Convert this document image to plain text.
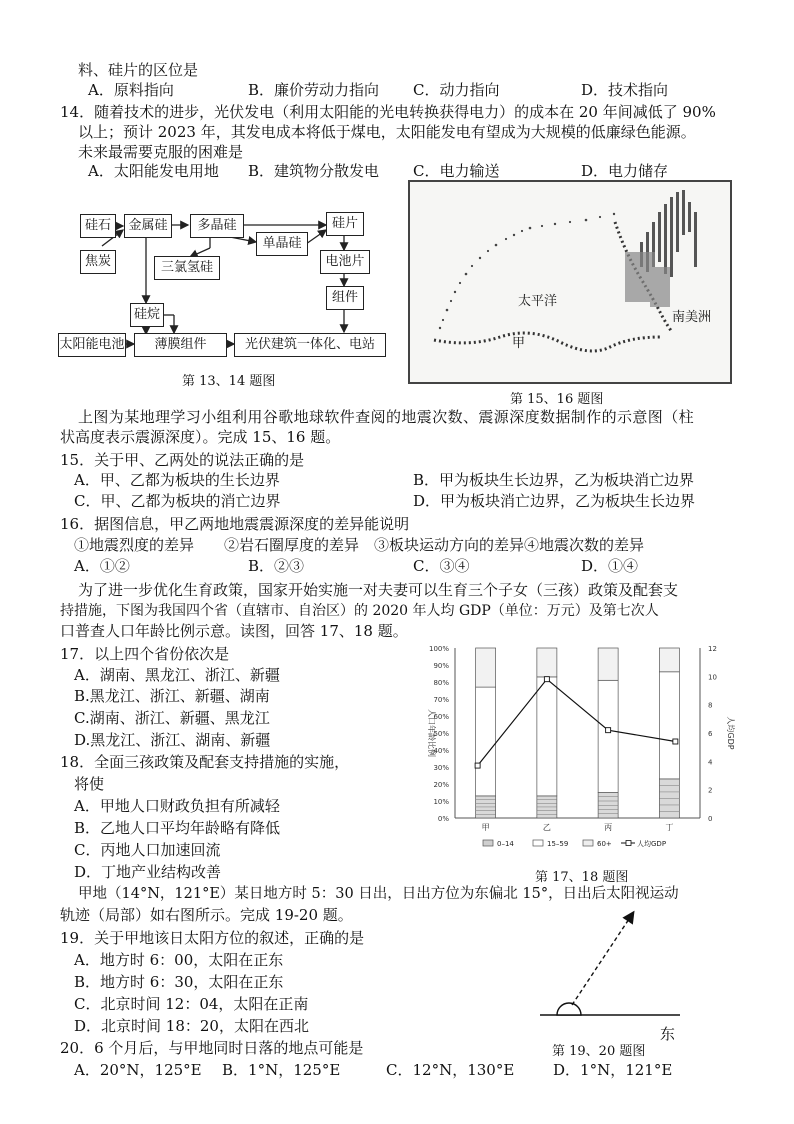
料、硅片的区位是
A．原料指向	B．廉价劳动力指向 C．动力指向	D．技术指向
14．随着技术的进步，光伏发电（利用太阳能的光电转换获得电力）的成本在 20 年间减低了 90%
以上；预计 2023 年，其发电成本将低于煤电，太阳能发电有望成为大规模的低廉绿色能源。
未来最需要克服的困难是
A．太阳能发电用地 B．建筑物分散发电 C．电力输送	D．电力储存
硅石
焦炭
金属硅	多晶硅
三氯氢硅
单晶硅
硅片
电池片
组件
硅烷
太阳能电池	薄膜组件	光伏建筑一体化、电站
第 13、14 题图
太平洋
南美洲
甲
第 15、16 题图
上图为某地理学习小组利用谷歌地球软件查阅的地震次数、震源深度数据制作的示意图（柱
状高度表示震源深度）。完成 15、16 题。
15．关于甲、乙两处的说法正确的是
A．甲、乙都为板块的生长边界	B．甲为板块生长边界，乙为板块消亡边界
C．甲、乙都为板块的消亡边界	D．甲为板块消亡边界，乙为板块生长边界
16．据图信息，甲乙两地地震震源深度的差异能说明
①地震烈度的差异　　②岩石圈厚度的差异　③板块运动方向的差异④地震次数的差异
A．①②	B．②③	C．③④	D．①④
为了进一步优化生育政策，国家开始实施一对夫妻可以生育三个子女（三孩）政策及配套支
持措施，下图为我国四个省（直辖市、自治区）的 2020 年人均 GDP（单位：万元）及第七次人
口普查人口年龄比例示意。读图，回答 17、18 题。
17．以上四个省份依次是
A．湖南、黑龙江、浙江、新疆
B.黑龙江、浙江、新疆、湖南
C.湖南、浙江、新疆、黑龙江
D.黑龙江、浙江、湖南、新疆
18．全面三孩政策及配套支持措施的实施，
将使
A．甲地人口财政负担有所减轻
B．乙地人口平均年龄略有降低
C．丙地人口加速回流
D．丁地产业结构改善
0%
10%
20%
30%
40%
50%
60%
70%
80%
90%
100%
0
2
4
6
8
10
12
人口年龄比例	人均GDP
甲	乙	丙	丁
0–14	15–59	60+	人均GDP
第 17、18 题图
甲地（14°N，121°E）某日地方时 5：30 日出，日出方位为东偏北 15°，日出后太阳视运动
轨迹（局部）如右图所示。完成 19-20 题。
19．关于甲地该日太阳方位的叙述，正确的是
A．地方时 6：00，太阳在正东
B．地方时 6：30，太阳在正东
C．北京时间 12：04，太阳在正南
D．北京时间 18：20，太阳在西北	东
第 19、20 题图
20．6 个月后，与甲地同时日落的地点可能是
A．20°N，125°E B．1°N，125°E	C．12°N，130°E	D．1°N，121°E
